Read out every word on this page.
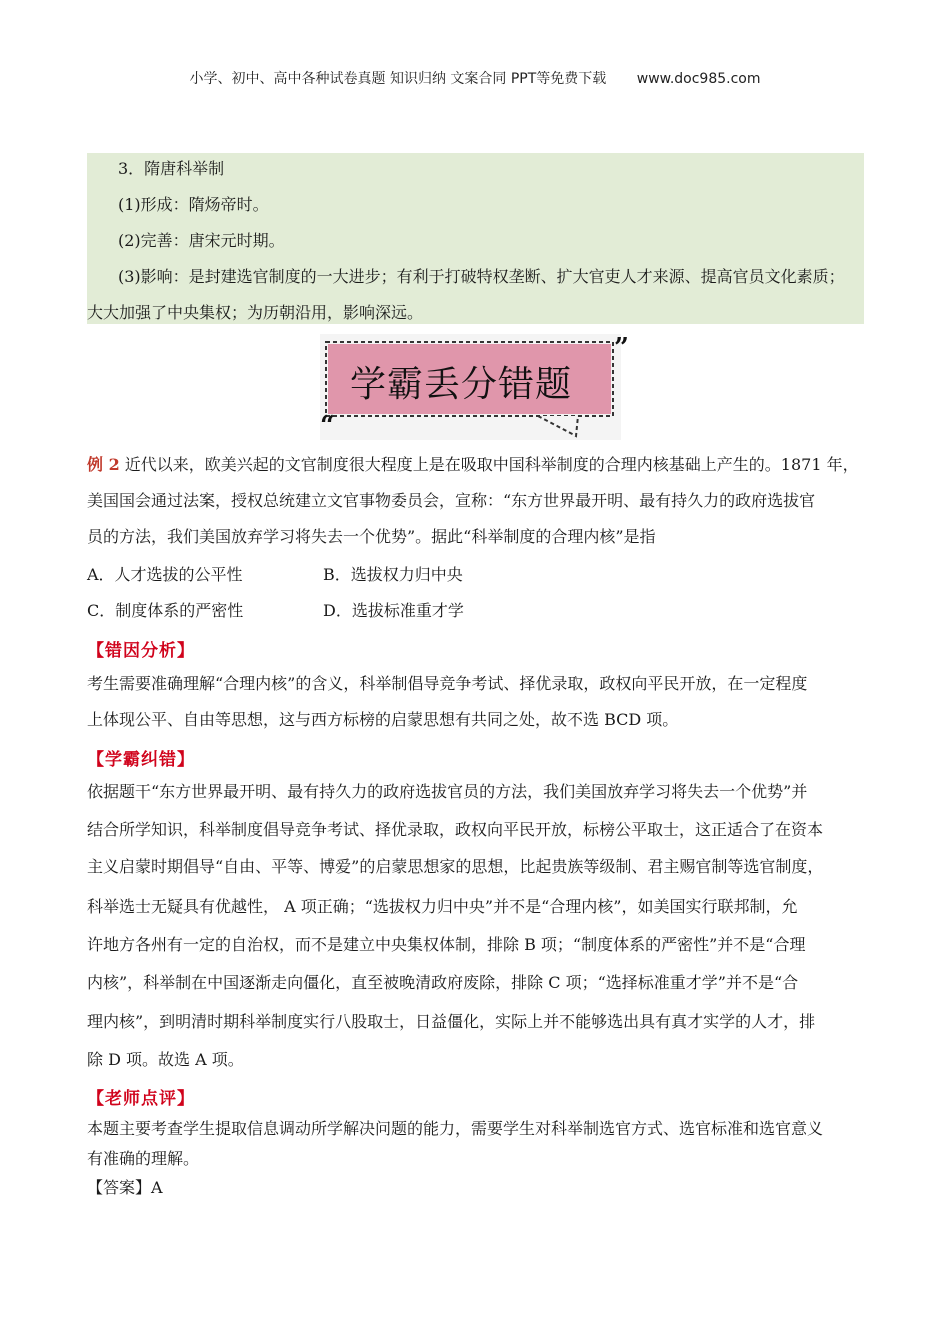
小学、初中、高中各种试卷真题 知识归纳 文案合同 PPT等免费下载 www.doc985.com

3．隋唐科举制

(1)形成：隋炀帝时。

(2)完善：唐宋元时期。

(3)影响：是封建选官制度的一大进步；有利于打破特权垄断、扩大官吏人才来源、提高官员文化素质；

大大加强了中央集权；为历朝沿用，影响深远。

”
“
学霸丢分错题

例 2 近代以来，欧美兴起的文官制度很大程度上是在吸取中国科举制度的合理内核基础上产生的。1871 年，

美国国会通过法案，授权总统建立文官事物委员会，宣称：“东方世界最开明、最有持久力的政府选拔官

员的方法，我们美国放弃学习将失去一个优势”。据此“科举制度的合理内核”是指

A．人才选拔的公平性	B．选拔权力归中央

C．制度体系的严密性	D．选拔标准重才学

【错因分析】

考生需要准确理解“合理内核”的含义，科举制倡导竞争考试、择优录取，政权向平民开放，在一定程度

上体现公平、自由等思想，这与西方标榜的启蒙思想有共同之处，故不选 BCD 项。

【学霸纠错】

依据题干“东方世界最开明、最有持久力的政府选拔官员的方法，我们美国放弃学习将失去一个优势”并

结合所学知识，科举制度倡导竞争考试、择优录取，政权向平民开放，标榜公平取士，这正适合了在资本

主义启蒙时期倡导“自由、平等、博爱”的启蒙思想家的思想，比起贵族等级制、君主赐官制等选官制度，

科举选士无疑具有优越性， A 项正确；“选拔权力归中央”并不是“合理内核”，如美国实行联邦制，允

许地方各州有一定的自治权，而不是建立中央集权体制，排除 B 项；“制度体系的严密性”并不是“合理

内核”，科举制在中国逐渐走向僵化，直至被晚清政府废除，排除 C 项；“选择标准重才学”并不是“合

理内核”，到明清时期科举制度实行八股取士，日益僵化，实际上并不能够选出具有真才实学的人才，排

除 D 项。故选 A 项。

【老师点评】

本题主要考查学生提取信息调动所学解决问题的能力，需要学生对科举制选官方式、选官标准和选官意义

有准确的理解。

【答案】A
